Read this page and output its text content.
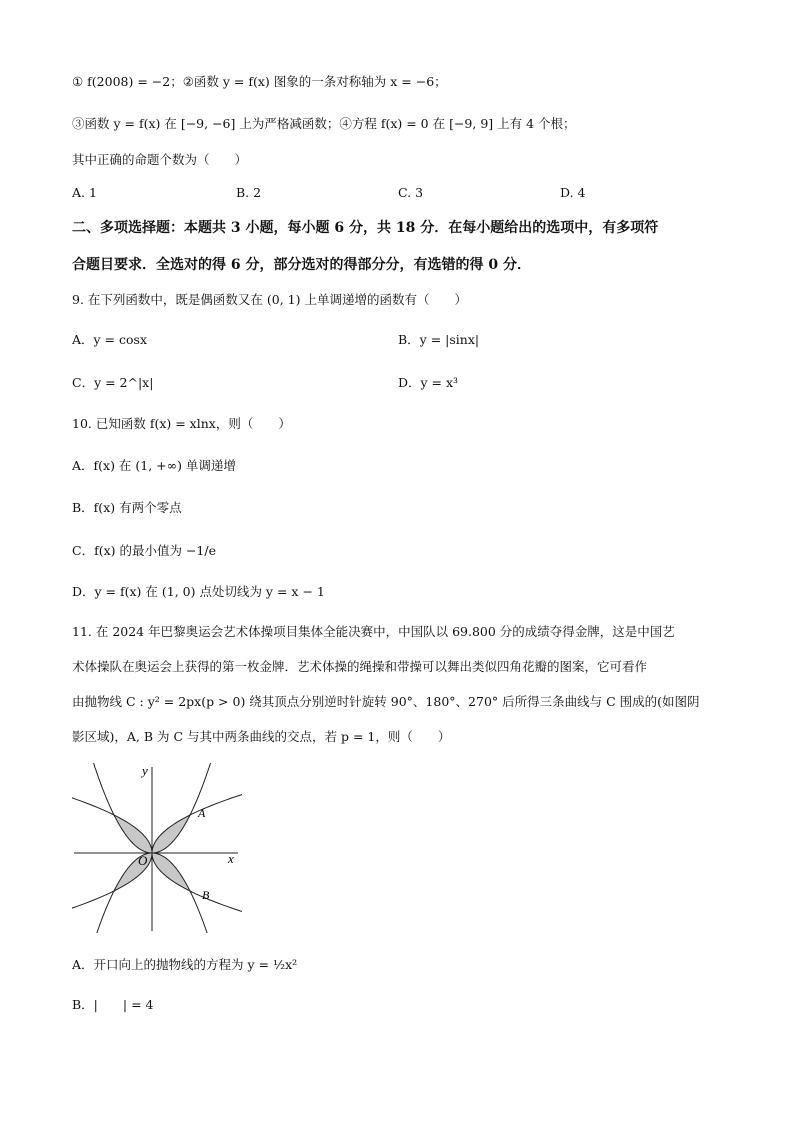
① f(2008) = −2；②函数 y = f(x) 图象的一条对称轴为 x = −6；
③函数 y = f(x) 在 [−9, −6] 上为严格减函数；④方程 f(x) = 0 在 [−9, 9] 上有 4 个根；
其中正确的命题个数为（　　）
A. 1	B. 2	C. 3	D. 4
二、多项选择题：本题共 3 小题，每小题 6 分，共 18 分．在每小题给出的选项中，有多项符
合题目要求．全选对的得 6 分，部分选对的得部分分，有选错的得 0 分．
9. 在下列函数中，既是偶函数又在 (0, 1) 上单调递增的函数有（　　）
A．y = cosx	B．y = |sinx|
C．y = 2^|x|	D．y = x³
10. 已知函数 f(x) = xlnx，则（　　）
A．f(x) 在 (1, +∞) 单调递增
B．f(x) 有两个零点
C．f(x) 的最小值为 −1/e
D．y = f(x) 在 (1, 0) 点处切线为 y = x − 1
11. 在 2024 年巴黎奥运会艺术体操项目集体全能决赛中，中国队以 69.800 分的成绩夺得金牌，这是中国艺
术体操队在奥运会上获得的第一枚金牌．艺术体操的绳操和带操可以舞出类似四角花瓣的图案，它可看作
由抛物线 C : y² = 2px(p > 0) 绕其顶点分别逆时针旋转 90°、180°、270° 后所得三条曲线与 C 围成的(如图阴
影区域)，A, B 为 C 与其中两条曲线的交点，若 p = 1，则（　　）
y
x
O
A
B
A．开口向上的抛物线的方程为 y = ½x²
B．|　　| = 4
